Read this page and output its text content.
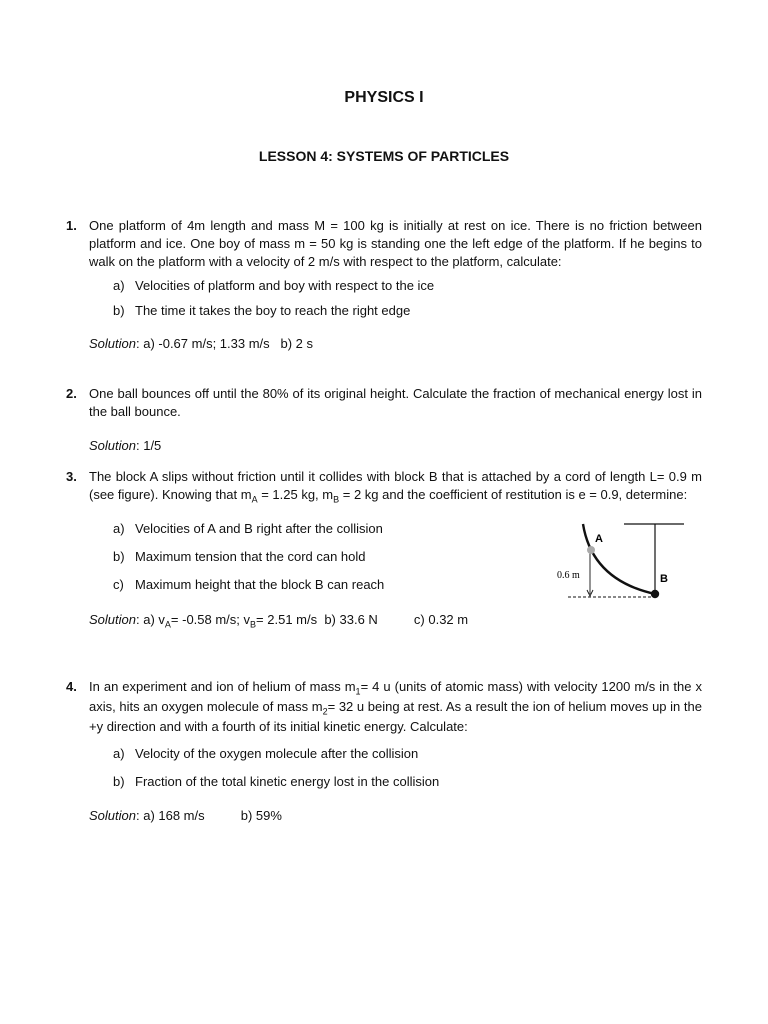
PHYSICS I
LESSON 4: SYSTEMS OF PARTICLES
1. One platform of 4m length and mass M = 100 kg is initially at rest on ice. There is no friction between platform and ice. One boy of mass m = 50 kg is standing one the left edge of the platform. If he begins to walk on the platform with a velocity of 2 m/s with respect to the platform, calculate:
a) Velocities of platform and boy with respect to the ice
b) The time it takes the boy to reach the right edge
Solution: a) -0.67 m/s; 1.33 m/s   b) 2 s
2. One ball bounces off until the 80% of its original height. Calculate the fraction of mechanical energy lost in the ball bounce.
Solution: 1/5
3. The block A slips without friction until it collides with block B that is attached by a cord of length L= 0.9 m (see figure). Knowing that $m_A = 1.25$ kg, $m_B = 2$ kg and the coefficient of restitution is e = 0.9, determine:
a) Velocities of A and B right after the collision
b) Maximum tension that the cord can hold
c) Maximum height that the block B can reach
Solution: a) $v_A= -0.58$ m/s; $v_B= 2.51$ m/s  b) 33.6 N          c) 0.32 m
A
B
0.6 m
4. In an experiment and ion of helium of mass $m_1= 4$ u (units of atomic mass) with velocity 1200 m/s in the x axis, hits an oxygen molecule of mass $m_2= 32$ u being at rest. As a result the ion of helium moves up in the +y direction and with a fourth of its initial kinetic energy. Calculate:
a) Velocity of the oxygen molecule after the collision
b) Fraction of the total kinetic energy lost in the collision
Solution: a) 168 m/s          b) 59%
